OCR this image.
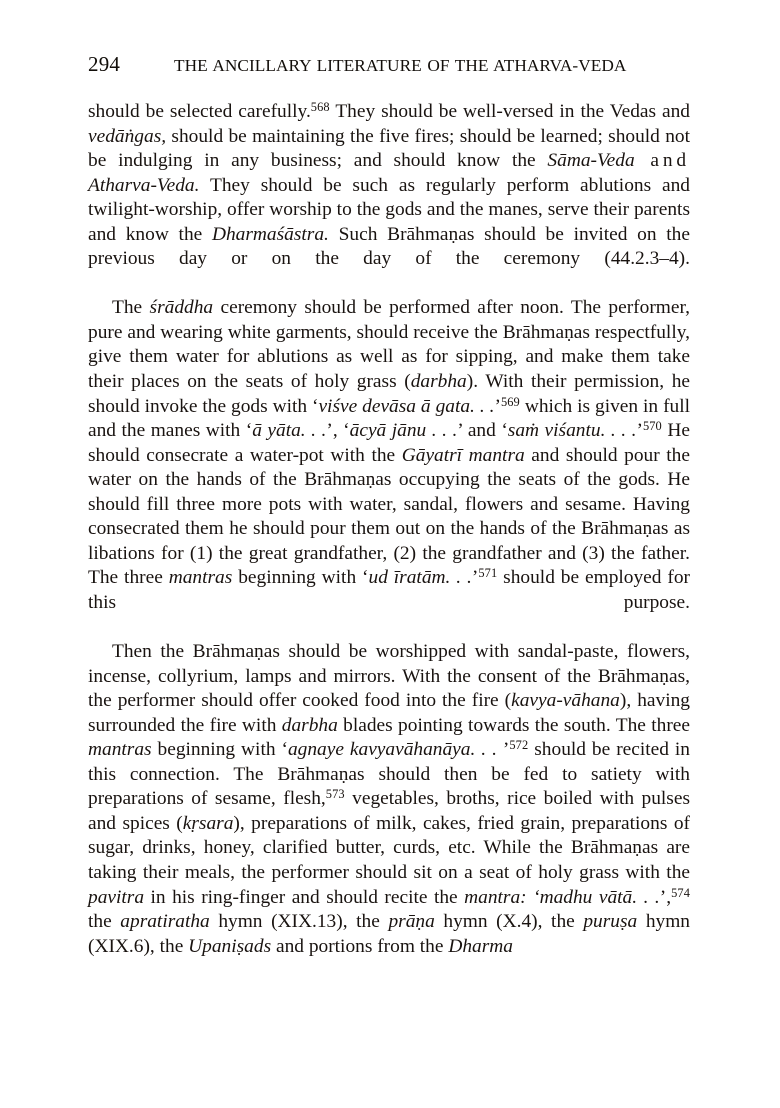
294	THE ANCILLARY LITERATURE OF THE ATHARVA-VEDA

should be selected carefully.$^{568}$ They should be well-versed in the Vedas and vedāṅgas, should be maintaining the five fires; should be learned; should not be indulging in any business; and should know the Sāma-Veda and Atharva-Veda. They should be such as regularly perform ablutions and twilight-worship, offer worship to the gods and the manes, serve their parents and know the Dharmaśāstra. Such Brāhmaṇas should be invited on the previous day or on the day of the ceremony (44.2.3–4).

The śrāddha ceremony should be performed after noon. The performer, pure and wearing white garments, should receive the Brāhmaṇas respectfully, give them water for ablutions as well as for sipping, and make them take their places on the seats of holy grass (darbha). With their permission, he should invoke the gods with ‘viśve devāsa ā gata. . .’$^{569}$ which is given in full and the manes with ‘ā yāta. . .’, ‘ācyā jānu . . .’ and ‘saṁ viśantu. . . .’$^{570}$ He should consecrate a water-pot with the Gāyatrī mantra and should pour the water on the hands of the Brāhmaṇas occupying the seats of the gods. He should fill three more pots with water, sandal, flowers and sesame. Having consecrated them he should pour them out on the hands of the Brāhmaṇas as libations for (1) the great grandfather, (2) the grandfather and (3) the father. The three mantras beginning with ‘ud īratām. . .’$^{571}$ should be employed for this purpose.

Then the Brāhmaṇas should be worshipped with sandal-paste, flowers, incense, collyrium, lamps and mirrors. With the consent of the Brāhmaṇas, the performer should offer cooked food into the fire (kavya-vāhana), having surrounded the fire with darbha blades pointing towards the south. The three mantras beginning with ‘agnaye kavyavāhanāya. . . ’$^{572}$ should be recited in this connection. The Brāhmaṇas should then be fed to satiety with preparations of sesame, flesh,$^{573}$ vegetables, broths, rice boiled with pulses and spices (kṛsara), preparations of milk, cakes, fried grain, preparations of sugar, drinks, honey, clarified butter, curds, etc. While the Brāhmaṇas are taking their meals, the performer should sit on a seat of holy grass with the pavitra in his ring-finger and should recite the mantra: ‘madhu vātā. . .’,$^{574}$ the apratiratha hymn (XIX.13), the prāṇa hymn (X.4), the puruṣa hymn (XIX.6), the Upaniṣads and portions from the Dharma
